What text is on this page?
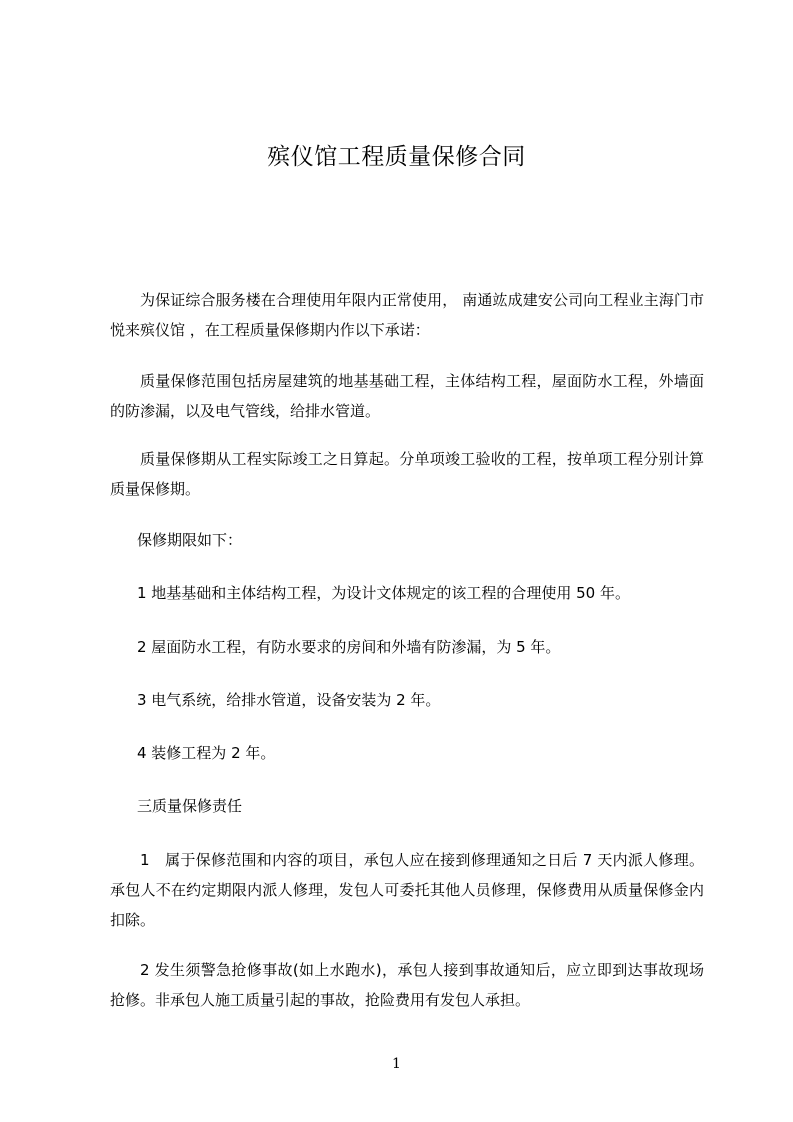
殡仪馆工程质量保修合同

为保证综合服务楼在合理使用年限内正常使用， 南通竑成建安公司向工程业主海门市悦来殡仪馆 ，在工程质量保修期内作以下承诺：

质量保修范围包括房屋建筑的地基基础工程，主体结构工程，屋面防水工程，外墙面的防渗漏，以及电气管线，给排水管道。

质量保修期从工程实际竣工之日算起。分单项竣工验收的工程，按单项工程分别计算质量保修期。

保修期限如下：

1 地基基础和主体结构工程，为设计文体规定的该工程的合理使用 50 年。

2 屋面防水工程，有防水要求的房间和外墙有防渗漏，为 5 年。

3 电气系统，给排水管道，设备安装为 2 年。

4 装修工程为 2 年。

三质量保修责任

1　属于保修范围和内容的项目，承包人应在接到修理通知之日后 7 天内派人修理。承包人不在约定期限内派人修理，发包人可委托其他人员修理，保修费用从质量保修金内扣除。

2 发生须警急抢修事故(如上水跑水)，承包人接到事故通知后，应立即到达事故现场抢修。非承包人施工质量引起的事故，抢险费用有发包人承担。

1
